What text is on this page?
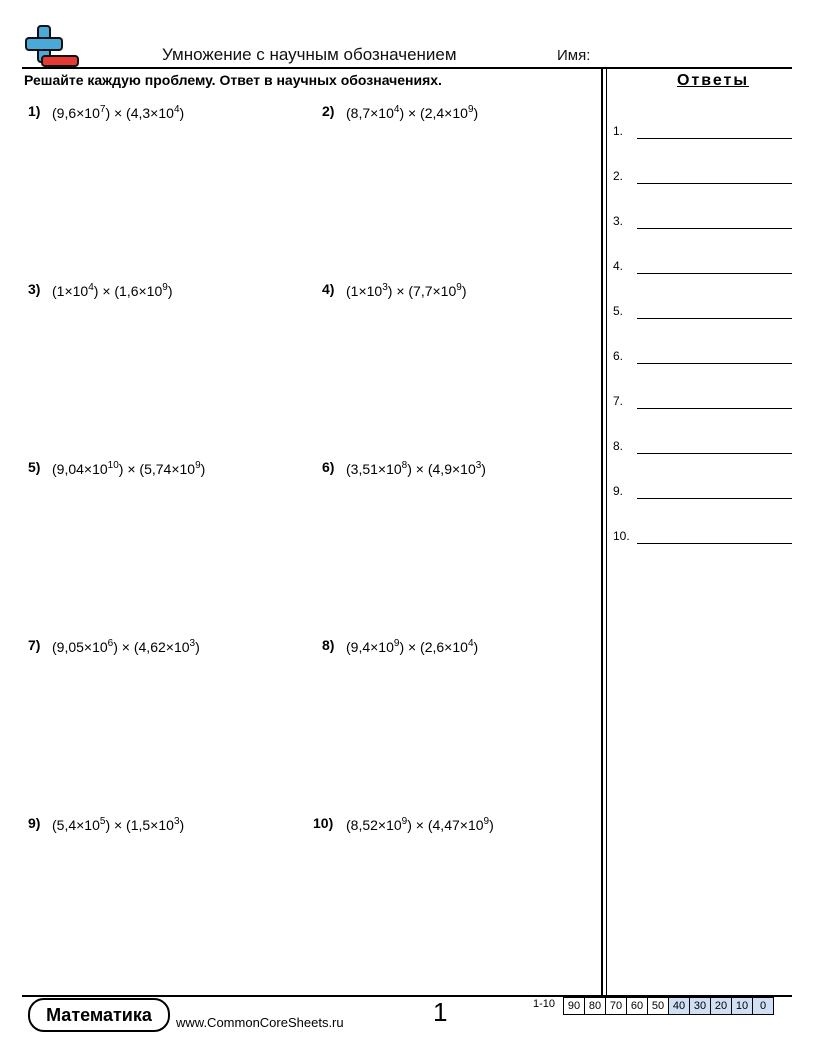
Умножение с научным обозначением	Имя:
Решайте каждую проблему. Ответ в научных обозначениях.	Ответы
1.
2.
3.
4.
5.
6.
7.
8.
9.
10.
1) $(9,6\times 10^7) \times (4,3\times 10^4)$	2) $(8,7\times 10^4) \times (2,4\times 10^9)$
3) $(1\times 10^4) \times (1,6\times 10^9)$	4) $(1\times 10^3) \times (7,7\times 10^9)$
5) $(9,04\times 10^{10}) \times (5,74\times 10^9)$	6) $(3,51\times 10^8) \times (4,9\times 10^3)$
7) $(9,05\times 10^6) \times (4,62\times 10^3)$	8) $(9,4\times 10^9) \times (2,6\times 10^4)$
9) $(5,4\times 10^5) \times (1,5\times 10^3)$	10) $(8,52\times 10^9) \times (4,47\times 10^9)$
Математика	www.CommonCoreSheets.ru	1	1-10	90 80 70 60 50 40 30 20 10	0
